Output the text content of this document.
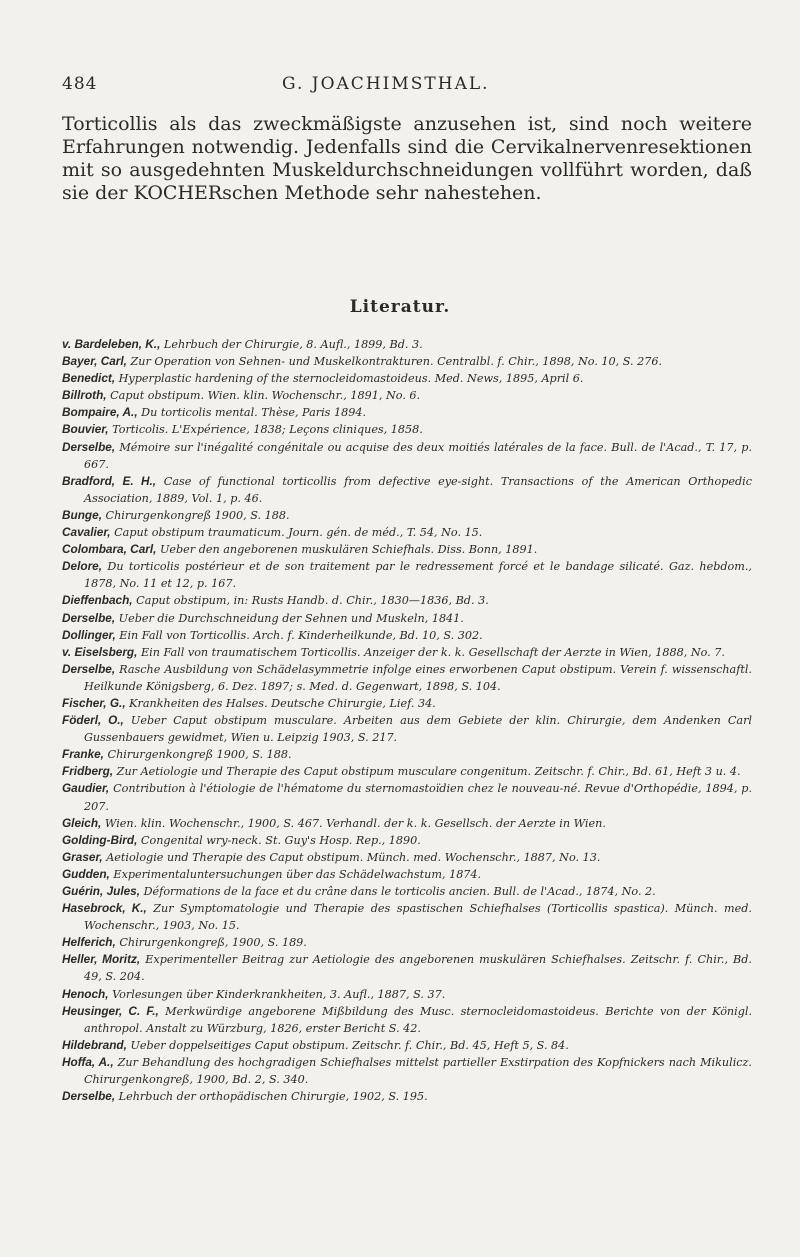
484	G. JOACHIMSTHAL.

Torticollis als das zweckmäßigste anzusehen ist, sind noch weitere Erfahrungen notwendig. Jedenfalls sind die Cervikalnervenresektionen mit so ausgedehnten Muskeldurchschneidungen vollführt worden, daß sie der KOCHERschen Methode sehr nahestehen.

Literatur.
v. Bardeleben, K., Lehrbuch der Chirurgie, 8. Aufl., 1899, Bd. 3.
Bayer, Carl, Zur Operation von Sehnen- und Muskelkontrakturen. Centralbl. f. Chir., 1898, No. 10, S. 276.
Benedict, Hyperplastic hardening of the sternocleidomastoideus. Med. News, 1895, April 6.
Billroth, Caput obstipum. Wien. klin. Wochenschr., 1891, No. 6.
Bompaire, A., Du torticolis mental. Thèse, Paris 1894.
Bouvier, Torticolis. L'Expérience, 1838; Leçons cliniques, 1858.
Derselbe, Mémoire sur l'inégalité congénitale ou acquise des deux moitiés latérales de la face. Bull. de l'Acad., T. 17, p. 667.
Bradford, E. H., Case of functional torticollis from defective eye-sight. Transactions of the American Orthopedic Association, 1889, Vol. 1, p. 46.
Bunge, Chirurgenkongreß 1900, S. 188.
Cavalier, Caput obstipum traumaticum. Journ. gén. de méd., T. 54, No. 15.
Colombara, Carl, Ueber den angeborenen muskulären Schiefhals. Diss. Bonn, 1891.
Delore, Du torticolis postérieur et de son traitement par le redressement forcé et le bandage silicaté. Gaz. hebdom., 1878, No. 11 et 12, p. 167.
Dieffenbach, Caput obstipum, in: Rusts Handb. d. Chir., 1830—1836, Bd. 3.
Derselbe, Ueber die Durchschneidung der Sehnen und Muskeln, 1841.
Dollinger, Ein Fall von Torticollis. Arch. f. Kinderheilkunde, Bd. 10, S. 302.
v. Eiselsberg, Ein Fall von traumatischem Torticollis. Anzeiger der k. k. Gesellschaft der Aerzte in Wien, 1888, No. 7.
Derselbe, Rasche Ausbildung von Schädelasymmetrie infolge eines erworbenen Caput obstipum. Verein f. wissenschaftl. Heilkunde Königsberg, 6. Dez. 1897; s. Med. d. Gegenwart, 1898, S. 104.
Fischer, G., Krankheiten des Halses. Deutsche Chirurgie, Lief. 34.
Föderl, O., Ueber Caput obstipum musculare. Arbeiten aus dem Gebiete der klin. Chirurgie, dem Andenken Carl Gussenbauers gewidmet, Wien u. Leipzig 1903, S. 217.
Franke, Chirurgenkongreß 1900, S. 188.
Fridberg, Zur Aetiologie und Therapie des Caput obstipum musculare congenitum. Zeitschr. f. Chir., Bd. 61, Heft 3 u. 4.
Gaudier, Contribution à l'étiologie de l'hématome du sternomastoïdien chez le nouveau-né. Revue d'Orthopédie, 1894, p. 207.
Gleich, Wien. klin. Wochenschr., 1900, S. 467. Verhandl. der k. k. Gesellsch. der Aerzte in Wien.
Golding-Bird, Congenital wry-neck. St. Guy's Hosp. Rep., 1890.
Graser, Aetiologie und Therapie des Caput obstipum. Münch. med. Wochenschr., 1887, No. 13.
Gudden, Experimentaluntersuchungen über das Schädelwachstum, 1874.
Guérin, Jules, Déformations de la face et du crâne dans le torticolis ancien. Bull. de l'Acad., 1874, No. 2.
Hasebrock, K., Zur Symptomatologie und Therapie des spastischen Schiefhalses (Torticollis spastica). Münch. med. Wochenschr., 1903, No. 15.
Helferich, Chirurgenkongreß, 1900, S. 189.
Heller, Moritz, Experimenteller Beitrag zur Aetiologie des angeborenen muskulären Schiefhalses. Zeitschr. f. Chir., Bd. 49, S. 204.
Henoch, Vorlesungen über Kinderkrankheiten, 3. Aufl., 1887, S. 37.
Heusinger, C. F., Merkwürdige angeborene Mißbildung des Musc. sternocleidomastoideus. Berichte von der Königl. anthropol. Anstalt zu Würzburg, 1826, erster Bericht S. 42.
Hildebrand, Ueber doppelseitiges Caput obstipum. Zeitschr. f. Chir., Bd. 45, Heft 5, S. 84.
Hoffa, A., Zur Behandlung des hochgradigen Schiefhalses mittelst partieller Exstirpation des Kopfnickers nach Mikulicz. Chirurgenkongreß, 1900, Bd. 2, S. 340.
Derselbe, Lehrbuch der orthopädischen Chirurgie, 1902, S. 195.
